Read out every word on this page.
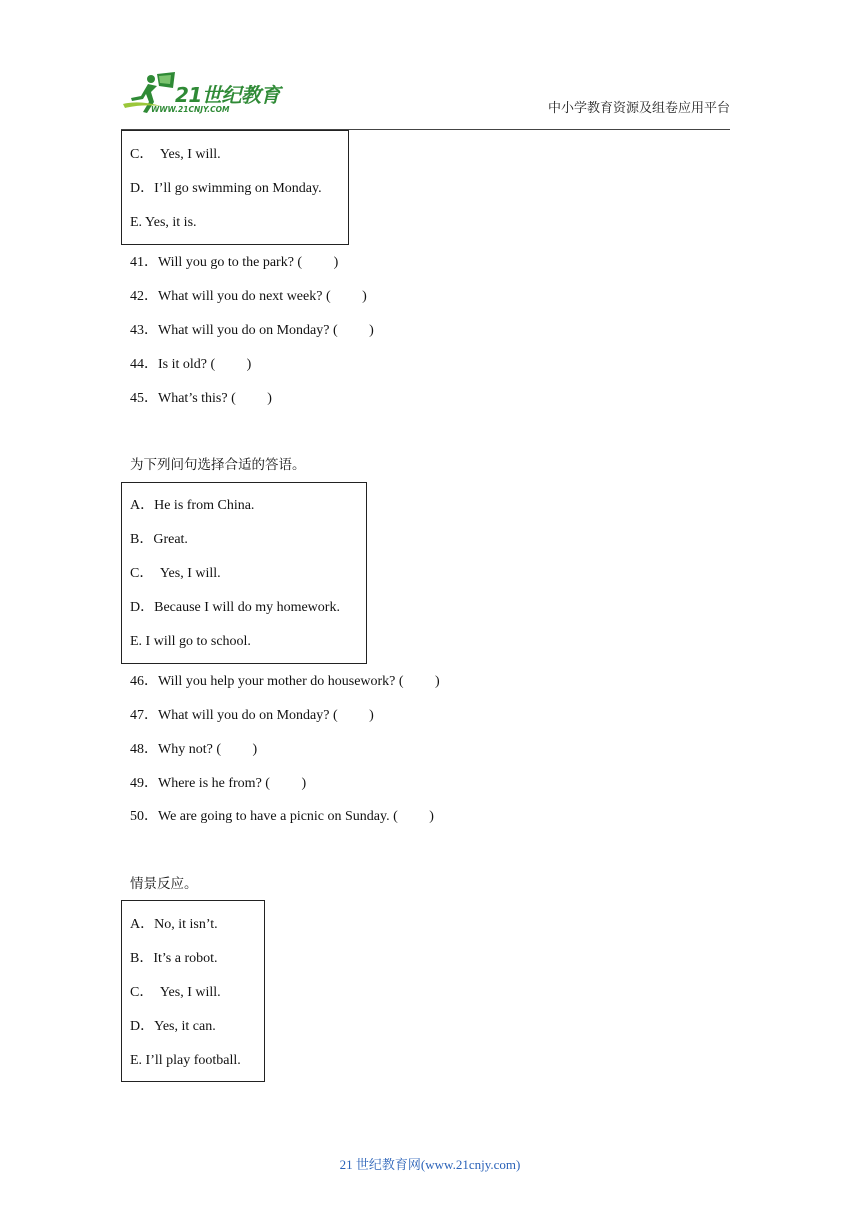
21世纪教育
WWW.21CNJY.COM	中小学教育资源及组卷应用平台
C．  Yes, I will.
D．I’ll go swimming on Monday.
E. Yes, it is.
41．Will you go to the park? (         )
42．What will you do next week? (         )
43．What will you do on Monday? (         )
44．Is it old? (         )
45．What’s this? (         )
为下列问句选择合适的答语。
A．He is from China.
B．Great.
C．  Yes, I will.
D．Because I will do my homework.
E. I will go to school.
46．Will you help your mother do housework? (         )
47．What will you do on Monday? (         )
48．Why not? (         )
49．Where is he from? (         )
50．We are going to have a picnic on Sunday. (         )
情景反应。
A．No, it isn’t.
B．It’s a robot.
C．  Yes, I will.
D．Yes, it can.
E. I’ll play football.
21 世纪教育网(www.21cnjy.com)
